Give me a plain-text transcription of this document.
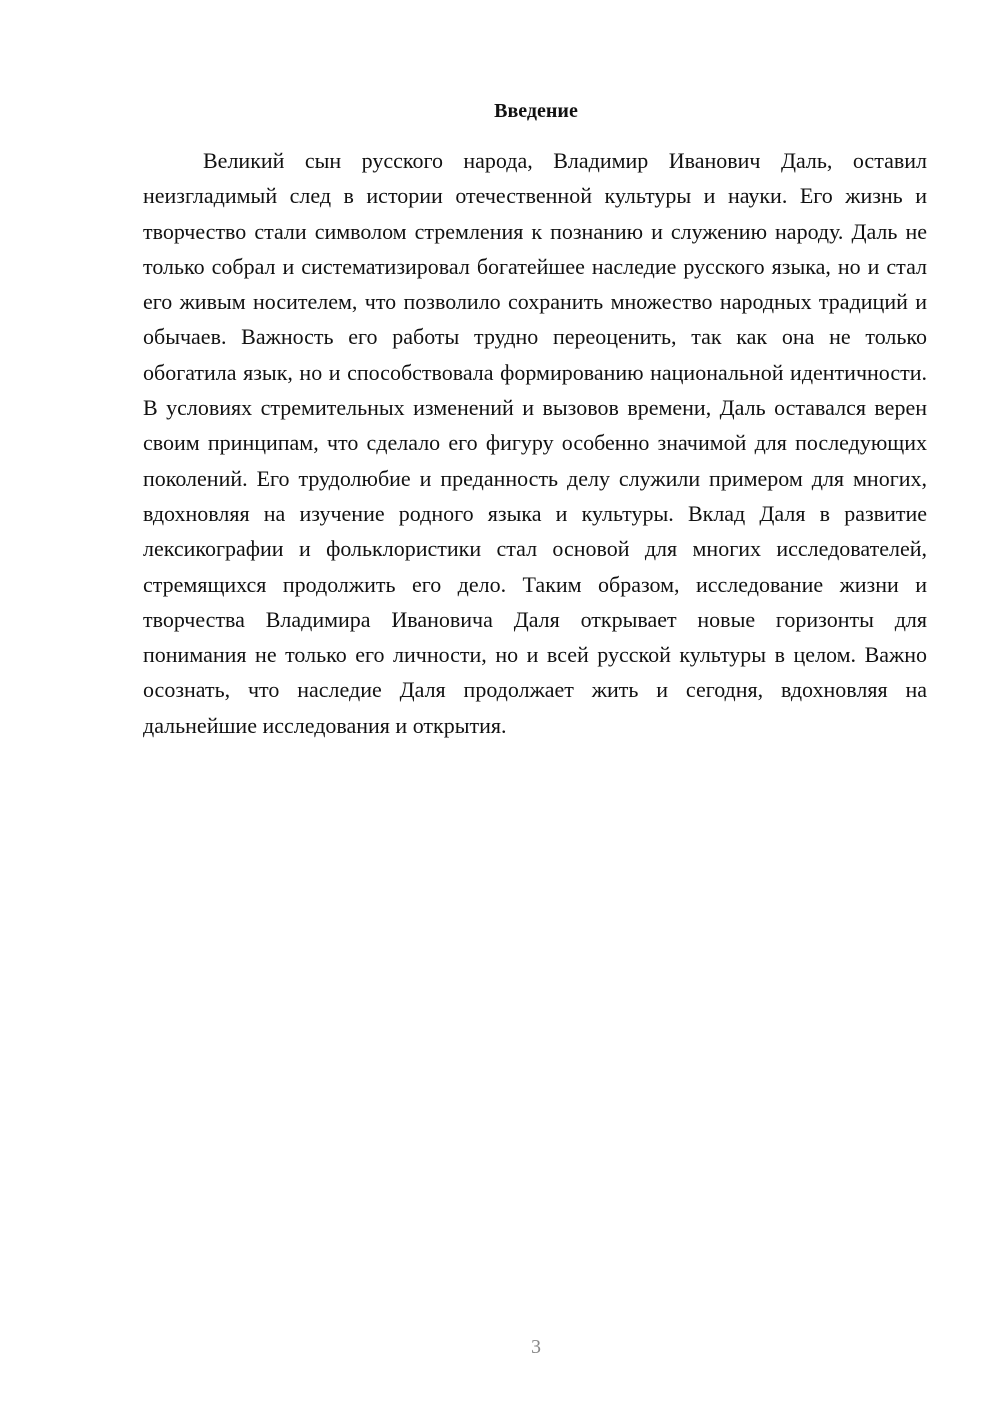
Введение

Великий сын русского народа, Владимир Иванович Даль, оставил неизгладимый след в истории отечественной культуры и науки. Его жизнь и творчество стали символом стремления к познанию и служению народу. Даль не только собрал и систематизировал богатейшее наследие русского языка, но и стал его живым носителем, что позволило сохранить множество народных традиций и обычаев. Важность его работы трудно переоценить, так как она не только обогатила язык, но и способствовала формированию национальной идентичности. В условиях стремительных изменений и вызовов времени, Даль оставался верен своим принципам, что сделало его фигуру особенно значимой для последующих поколений. Его трудолюбие и преданность делу служили примером для многих, вдохновляя на изучение родного языка и культуры. Вклад Даля в развитие лексикографии и фольклористики стал основой для многих исследователей, стремящихся продолжить его дело. Таким образом, исследование жизни и творчества Владимира Ивановича Даля открывает новые горизонты для понимания не только его личности, но и всей русской культуры в целом. Важно осознать, что наследие Даля продолжает жить и сегодня, вдохновляя на дальнейшие исследования и открытия.

3
